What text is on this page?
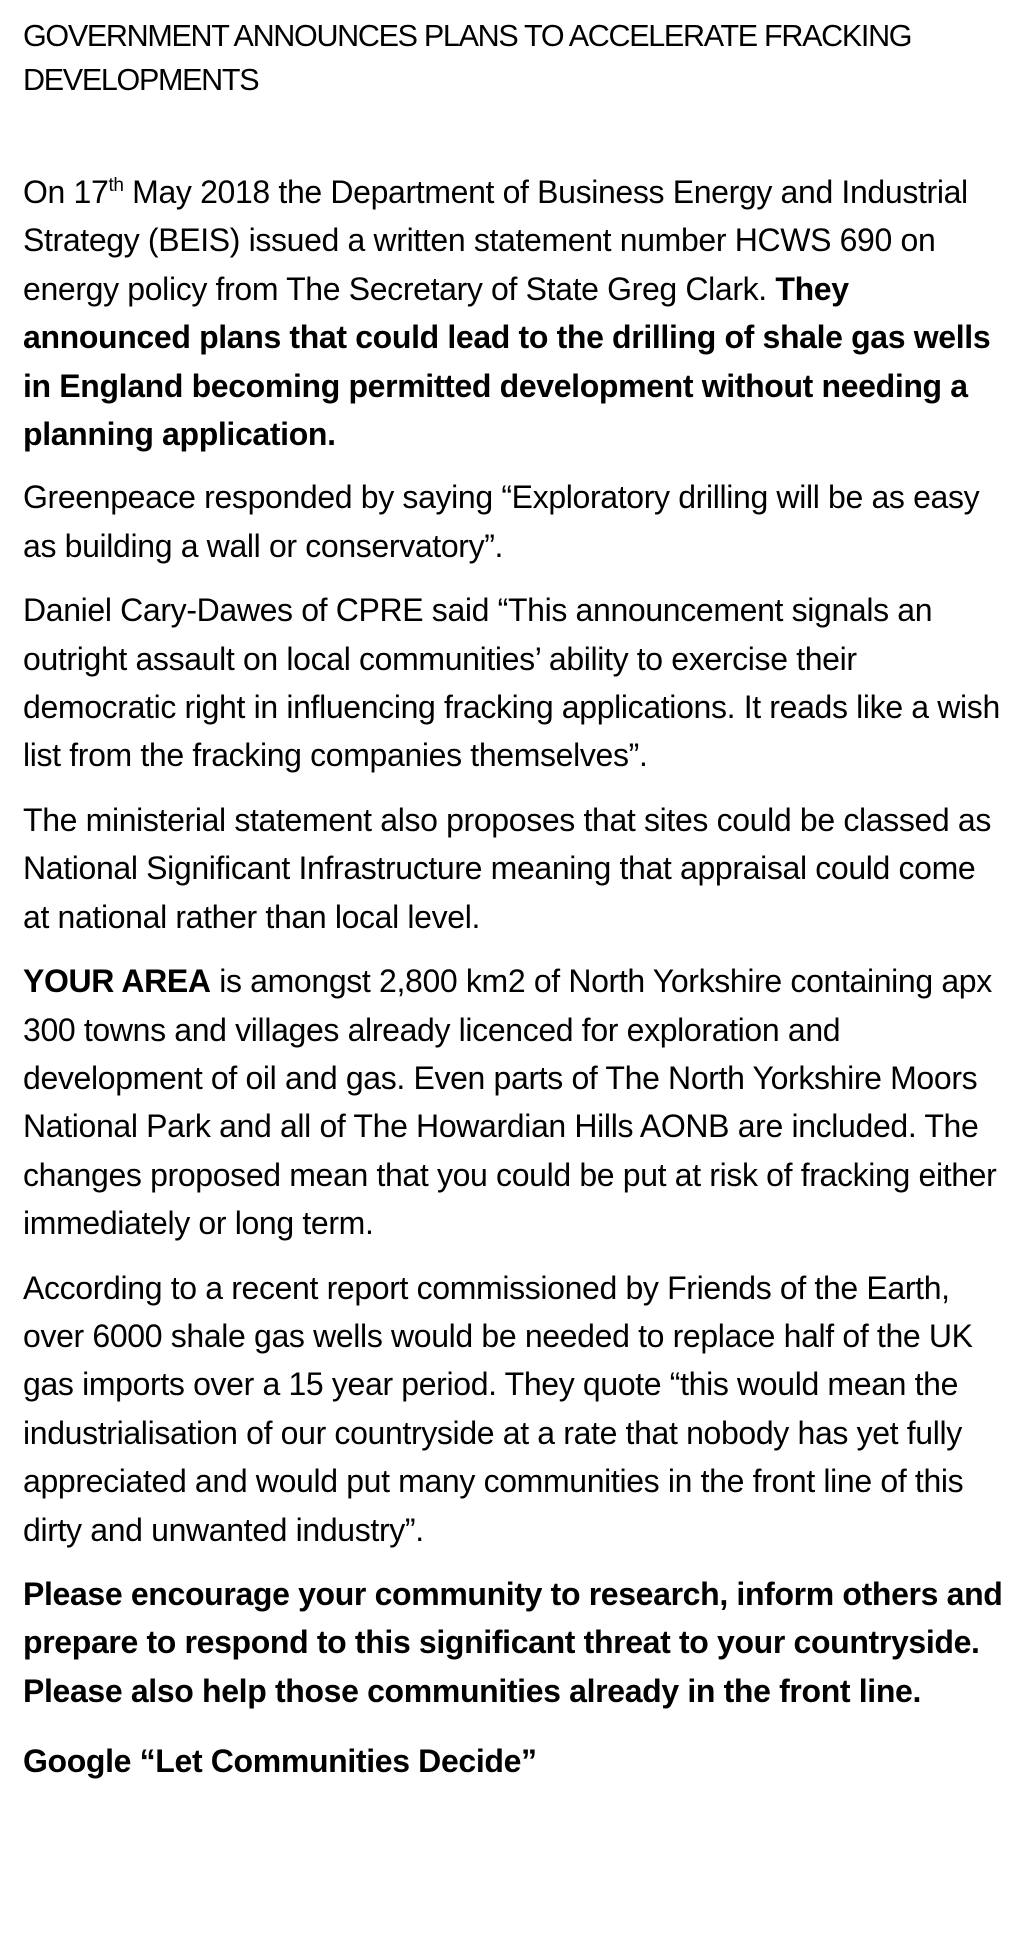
GOVERNMENT ANNOUNCES PLANS TO ACCELERATE FRACKING DEVELOPMENTS

On 17th May 2018 the Department of Business Energy and Industrial Strategy (BEIS) issued a written statement number HCWS 690 on energy policy from The Secretary of State Greg Clark. They announced plans that could lead to the drilling of shale gas wells in England becoming permitted development without needing a planning application.

Greenpeace responded by saying “Exploratory drilling will be as easy as building a wall or conservatory”.

Daniel Cary-Dawes of CPRE said “This announcement signals an outright assault on local communities’ ability to exercise their democratic right in influencing fracking applications. It reads like a wish list from the fracking companies themselves”.

The ministerial statement also proposes that sites could be classed as National Significant Infrastructure meaning that appraisal could come at national rather than local level.

YOUR AREA is amongst 2,800 km2 of North Yorkshire containing apx 300 towns and villages already licenced for exploration and development of oil and gas. Even parts of The North Yorkshire Moors National Park and all of The Howardian Hills AONB are included. The changes proposed mean that you could be put at risk of fracking either immediately or long term.

According to a recent report commissioned by Friends of the Earth, over 6000 shale gas wells would be needed to replace half of the UK gas imports over a 15 year period. They quote “this would mean the industrialisation of our countryside at a rate that nobody has yet fully appreciated and would put many communities in the front line of this dirty and unwanted industry”.

Please encourage your community to research, inform others and prepare to respond to this significant threat to your countryside. Please also help those communities already in the front line.

Google “Let Communities Decide”
